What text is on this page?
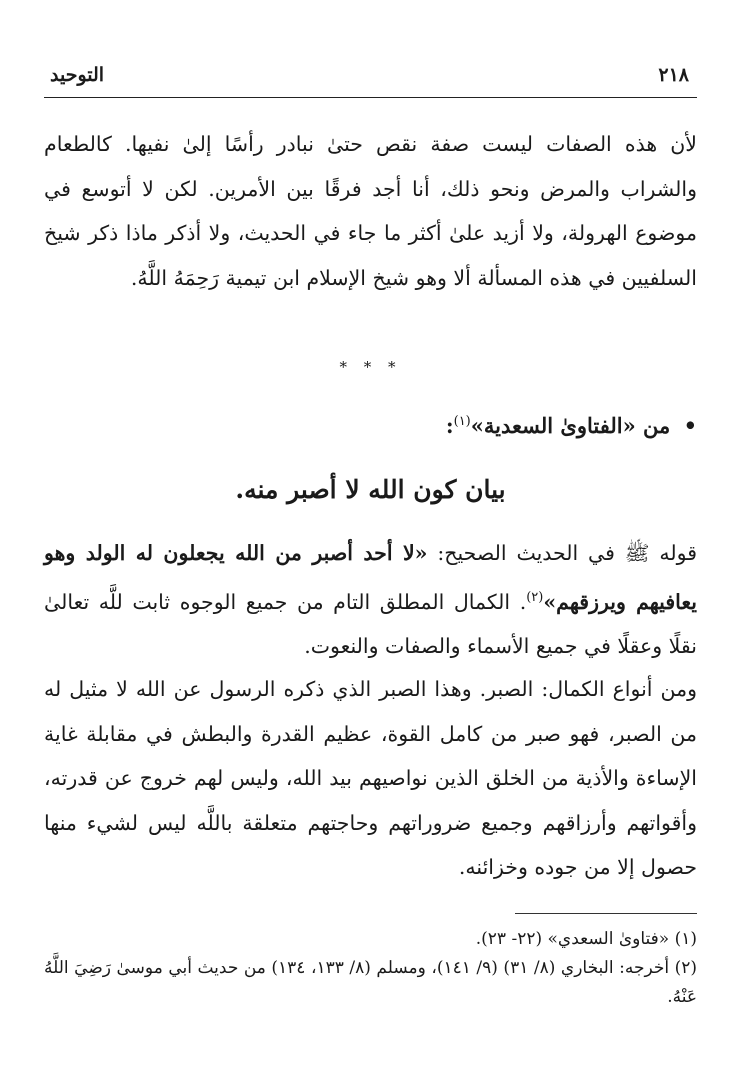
٢١٨
التوحيد
لأن هذه الصفات ليست صفة نقص حتىٰ نبادر رأسًا إلىٰ نفيها. كالطعام والشراب والمرض ونحو ذلك، أنا أجد فرقًا بين الأمرين. لكن لا أتوسع في موضوع الهرولة، ولا أزيد علىٰ أكثر ما جاء في الحديث، ولا أذكر ماذا ذكر شيخ السلفيين في هذه المسألة ألا وهو شيخ الإسلام ابن تيمية رَحِمَهُ اللَّهُ.
* * *
• من «الفتاوىٰ السعدية»$^{(١)}$:
بيان كون الله لا أصبر منه.
قوله ﷺ في الحديث الصحيح: «لا أحد أصبر من الله يجعلون له الولد وهو يعافيهم ويرزقهم»$^{(٢)}$. الكمال المطلق التام من جميع الوجوه ثابت للَّه تعالىٰ نقلًا وعقلًا في جميع الأسماء والصفات والنعوت.
ومن أنواع الكمال: الصبر. وهذا الصبر الذي ذكره الرسول عن الله لا مثيل له من الصبر، فهو صبر من كامل القوة، عظيم القدرة والبطش في مقابلة غاية الإساءة والأذية من الخلق الذين نواصيهم بيد الله، وليس لهم خروج عن قدرته، وأقواتهم وأرزاقهم وجميع ضروراتهم وحاجتهم متعلقة باللَّه ليس لشيء منها حصول إلا من جوده وخزائنه.

(١) «فتاوىٰ السعدي» (٢٢- ٢٣).

(٢) أخرجه: البخاري (٨/ ٣١) (٩/ ١٤١)، ومسلم (٨/ ١٣٣، ١٣٤) من حديث أبي موسىٰ رَضِيَ اللَّهُ عَنْهُ.
